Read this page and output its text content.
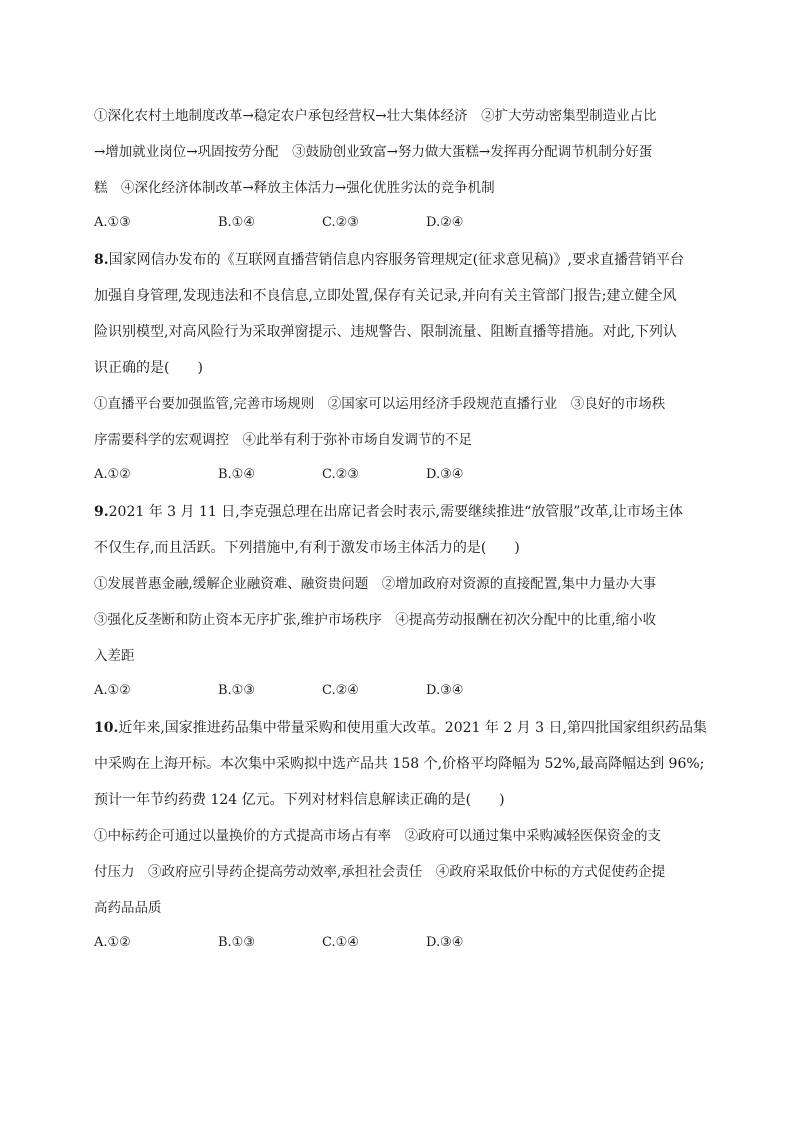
①深化农村土地制度改革→稳定农户承包经营权→壮大集体经济　②扩大劳动密集型制造业占比
→增加就业岗位→巩固按劳分配　③鼓励创业致富→努力做大蛋糕→发挥再分配调节机制分好蛋
糕　④深化经济体制改革→释放主体活力→强化优胜劣汰的竞争机制
A.①③	B.①④	C.②③	D.②④
8.国家网信办发布的《互联网直播营销信息内容服务管理规定(征求意见稿)》,要求直播营销平台
加强自身管理,发现违法和不良信息,立即处置,保存有关记录,并向有关主管部门报告;建立健全风
险识别模型,对高风险行为采取弹窗提示、违规警告、限制流量、阻断直播等措施。对此,下列认
识正确的是(　　)
①直播平台要加强监管,完善市场规则　②国家可以运用经济手段规范直播行业　③良好的市场秩
序需要科学的宏观调控　④此举有利于弥补市场自发调节的不足
A.①②	B.①④	C.②③	D.③④
9.2021 年 3 月 11 日,李克强总理在出席记者会时表示,需要继续推进“放管服”改革,让市场主体
不仅生存,而且活跃。下列措施中,有利于激发市场主体活力的是(　　)
①发展普惠金融,缓解企业融资难、融资贵问题　②增加政府对资源的直接配置,集中力量办大事
③强化反垄断和防止资本无序扩张,维护市场秩序　④提高劳动报酬在初次分配中的比重,缩小收
入差距
A.①②	B.①③	C.②④	D.③④
10.近年来,国家推进药品集中带量采购和使用重大改革。2021 年 2 月 3 日,第四批国家组织药品集
中采购在上海开标。本次集中采购拟中选产品共 158 个,价格平均降幅为 52%,最高降幅达到 96%;
预计一年节约药费 124 亿元。下列对材料信息解读正确的是(　　)
①中标药企可通过以量换价的方式提高市场占有率　②政府可以通过集中采购减轻医保资金的支
付压力　③政府应引导药企提高劳动效率,承担社会责任　④政府采取低价中标的方式促使药企提
高药品品质
A.①②	B.①③	C.①④	D.③④
